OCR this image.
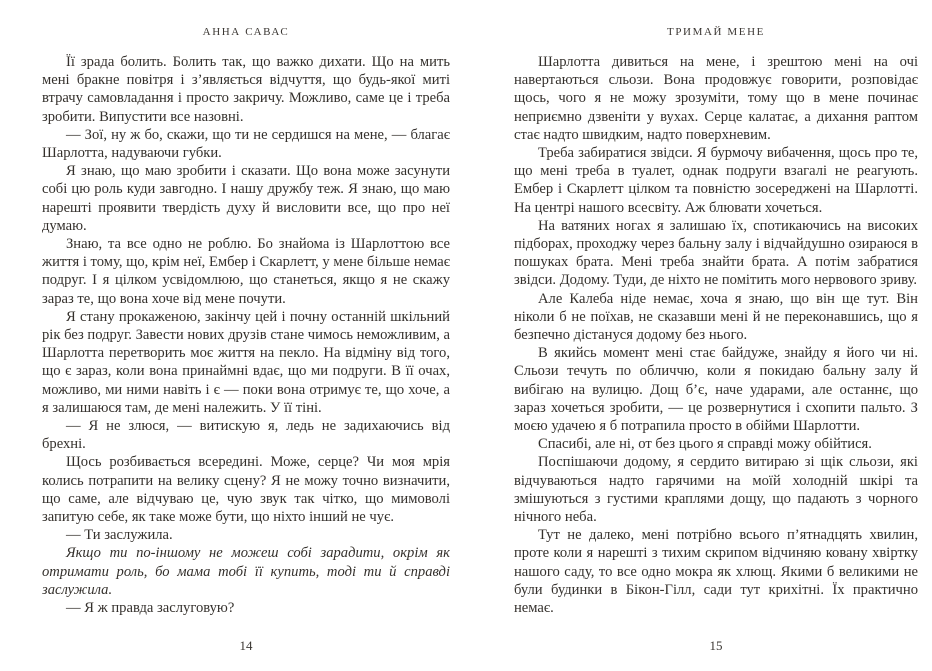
АННА САВАС

Її зрада болить. Болить так, що важко дихати. Що на мить мені бракне повітря і з’являється відчуття, що будь-якої миті втрачу самовладання і просто закричу. Можливо, саме це і треба зробити. Випустити все назовні.

— Зої, ну ж бо, скажи, що ти не сердишся на мене, — благає Шарлотта, надуваючи губки.

Я знаю, що маю зробити і сказати. Що вона може засунути собі цю роль куди завгодно. І нашу дружбу теж. Я знаю, що маю нарешті проявити твердість духу й висловити все, що про неї думаю.

Знаю, та все одно не роблю. Бо знайома із Шарлоттою все життя і тому, що, крім неї, Ембер і Скарлетт, у мене більше немає подруг. І я цілком усвідомлюю, що станеться, якщо я не скажу зараз те, що вона хоче від мене почути.

Я стану прокаженою, закінчу цей і почну останній шкільний рік без подруг. Завести нових друзів стане чимось неможливим, а Шарлотта перетворить моє життя на пекло. На відміну від того, що є зараз, коли вона принаймні вдає, що ми подруги. В її очах, можливо, ми ними навіть і є — поки вона отримує те, що хоче, а я залишаюся там, де мені належить. У її тіні.

— Я не злюся, — витискую я, ледь не задихаючись від брехні.

Щось розбивається всередині. Може, серце? Чи моя мрія колись потрапити на велику сцену? Я не можу точно визначити, що саме, але відчуваю це, чую звук так чітко, що мимоволі запитую себе, як таке може бути, що ніхто інший не чує.

— Ти заслужила.

Якщо ти по-іншому не можеш собі зарадити, окрім як отримати роль, бо мама тобі її купить, тоді ти й справді заслужила.

— Я ж правда заслуговую?

14
ТРИМАЙ МЕНЕ

Шарлотта дивиться на мене, і зрештою мені на очі навертаються сльози. Вона продовжує говорити, розповідає щось, чого я не можу зрозуміти, тому що в мене починає неприємно дзвеніти у вухах. Серце калатає, а дихання раптом стає надто швидким, надто поверхневим.

Треба забиратися звідси. Я бурмочу вибачення, щось про те, що мені треба в туалет, однак подруги взагалі не реагують. Ембер і Скарлетт цілком та повністю зосереджені на Шарлотті. На центрі нашого всесвіту. Аж блювати хочеться.

На ватяних ногах я залишаю їх, спотикаючись на високих підборах, проходжу через бальну залу і відчайдушно озираюся в пошуках брата. Мені треба знайти брата. А потім забратися звідси. Додому. Туди, де ніхто не помітить мого нервового зриву.

Але Калеба ніде немає, хоча я знаю, що він ще тут. Він ніколи б не поїхав, не сказавши мені й не переконавшись, що я безпечно дістануся додому без нього.

В якийсь момент мені стає байдуже, знайду я його чи ні. Сльози течуть по обличчю, коли я покидаю бальну залу й вибігаю на вулицю. Дощ б’є, наче ударами, але останнє, що зараз хочеться зробити, — це розвернутися і схопити пальто. З моєю удачею я б потрапила просто в обійми Шарлотти.

Спасибі, але ні, от без цього я справді можу обійтися.

Поспішаючи додому, я сердито витираю зі щік сльози, які відчуваються надто гарячими на моїй холодній шкірі та змішуються з густими краплями дощу, що падають з чорного нічного неба.

Тут не далеко, мені потрібно всього п’ятнадцять хвилин, проте коли я нарешті з тихим скрипом відчиняю ковану хвіртку нашого саду, то все одно мокра як хлющ. Якими б великими не були будинки в Бікон-Гілл, сади тут крихітні. Їх практично немає.

15
